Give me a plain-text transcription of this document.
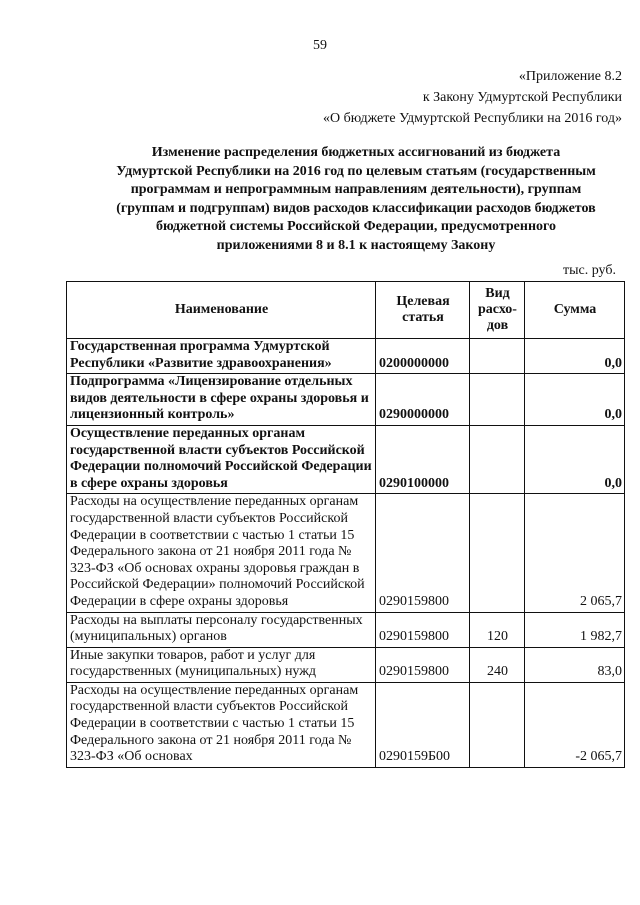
59
«Приложение 8.2
к Закону Удмуртской Республики
«О бюджете Удмуртской Республики на 2016 год»
Изменение распределения бюджетных ассигнований из бюджета
Удмуртской Республики на 2016 год по целевым статьям (государственным
программам и непрограммным направлениям деятельности), группам
(группам и подгруппам) видов расходов классификации расходов бюджетов
бюджетной системы Российской Федерации, предусмотренного
приложениями 8 и 8.1 к настоящему Закону
тыс. руб.
Наименование	Целевая статья	Вид расхо-дов	Сумма
Государственная программа Удмуртской Республики «Развитие здравоохранения»	0200000000		0,0
Подпрограмма «Лицензирование отдельных видов деятельности в сфере охраны здоровья и лицензионный контроль»	0290000000		0,0
Осуществление переданных органам государственной власти субъектов Российской Федерации полномочий Российской Федерации в сфере охраны здоровья	0290100000		0,0
Расходы на осуществление переданных органам государственной власти субъектов Российской Федерации в соответствии с частью 1 статьи 15 Федерального закона от 21 ноября 2011 года № 323-ФЗ «Об основах охраны здоровья граждан в Российской Федерации» полномочий Российской Федерации в сфере охраны здоровья	0290159800		2 065,7
Расходы на выплаты персоналу государственных (муниципальных) органов	0290159800	120	1 982,7
Иные закупки товаров, работ и услуг для государственных (муниципальных) нужд	0290159800	240	83,0
Расходы на осуществление переданных органам государственной власти субъектов Российской Федерации в соответствии с частью 1 статьи 15 Федерального закона от 21 ноября 2011 года № 323-ФЗ «Об основах	0290159Б00		-2 065,7
